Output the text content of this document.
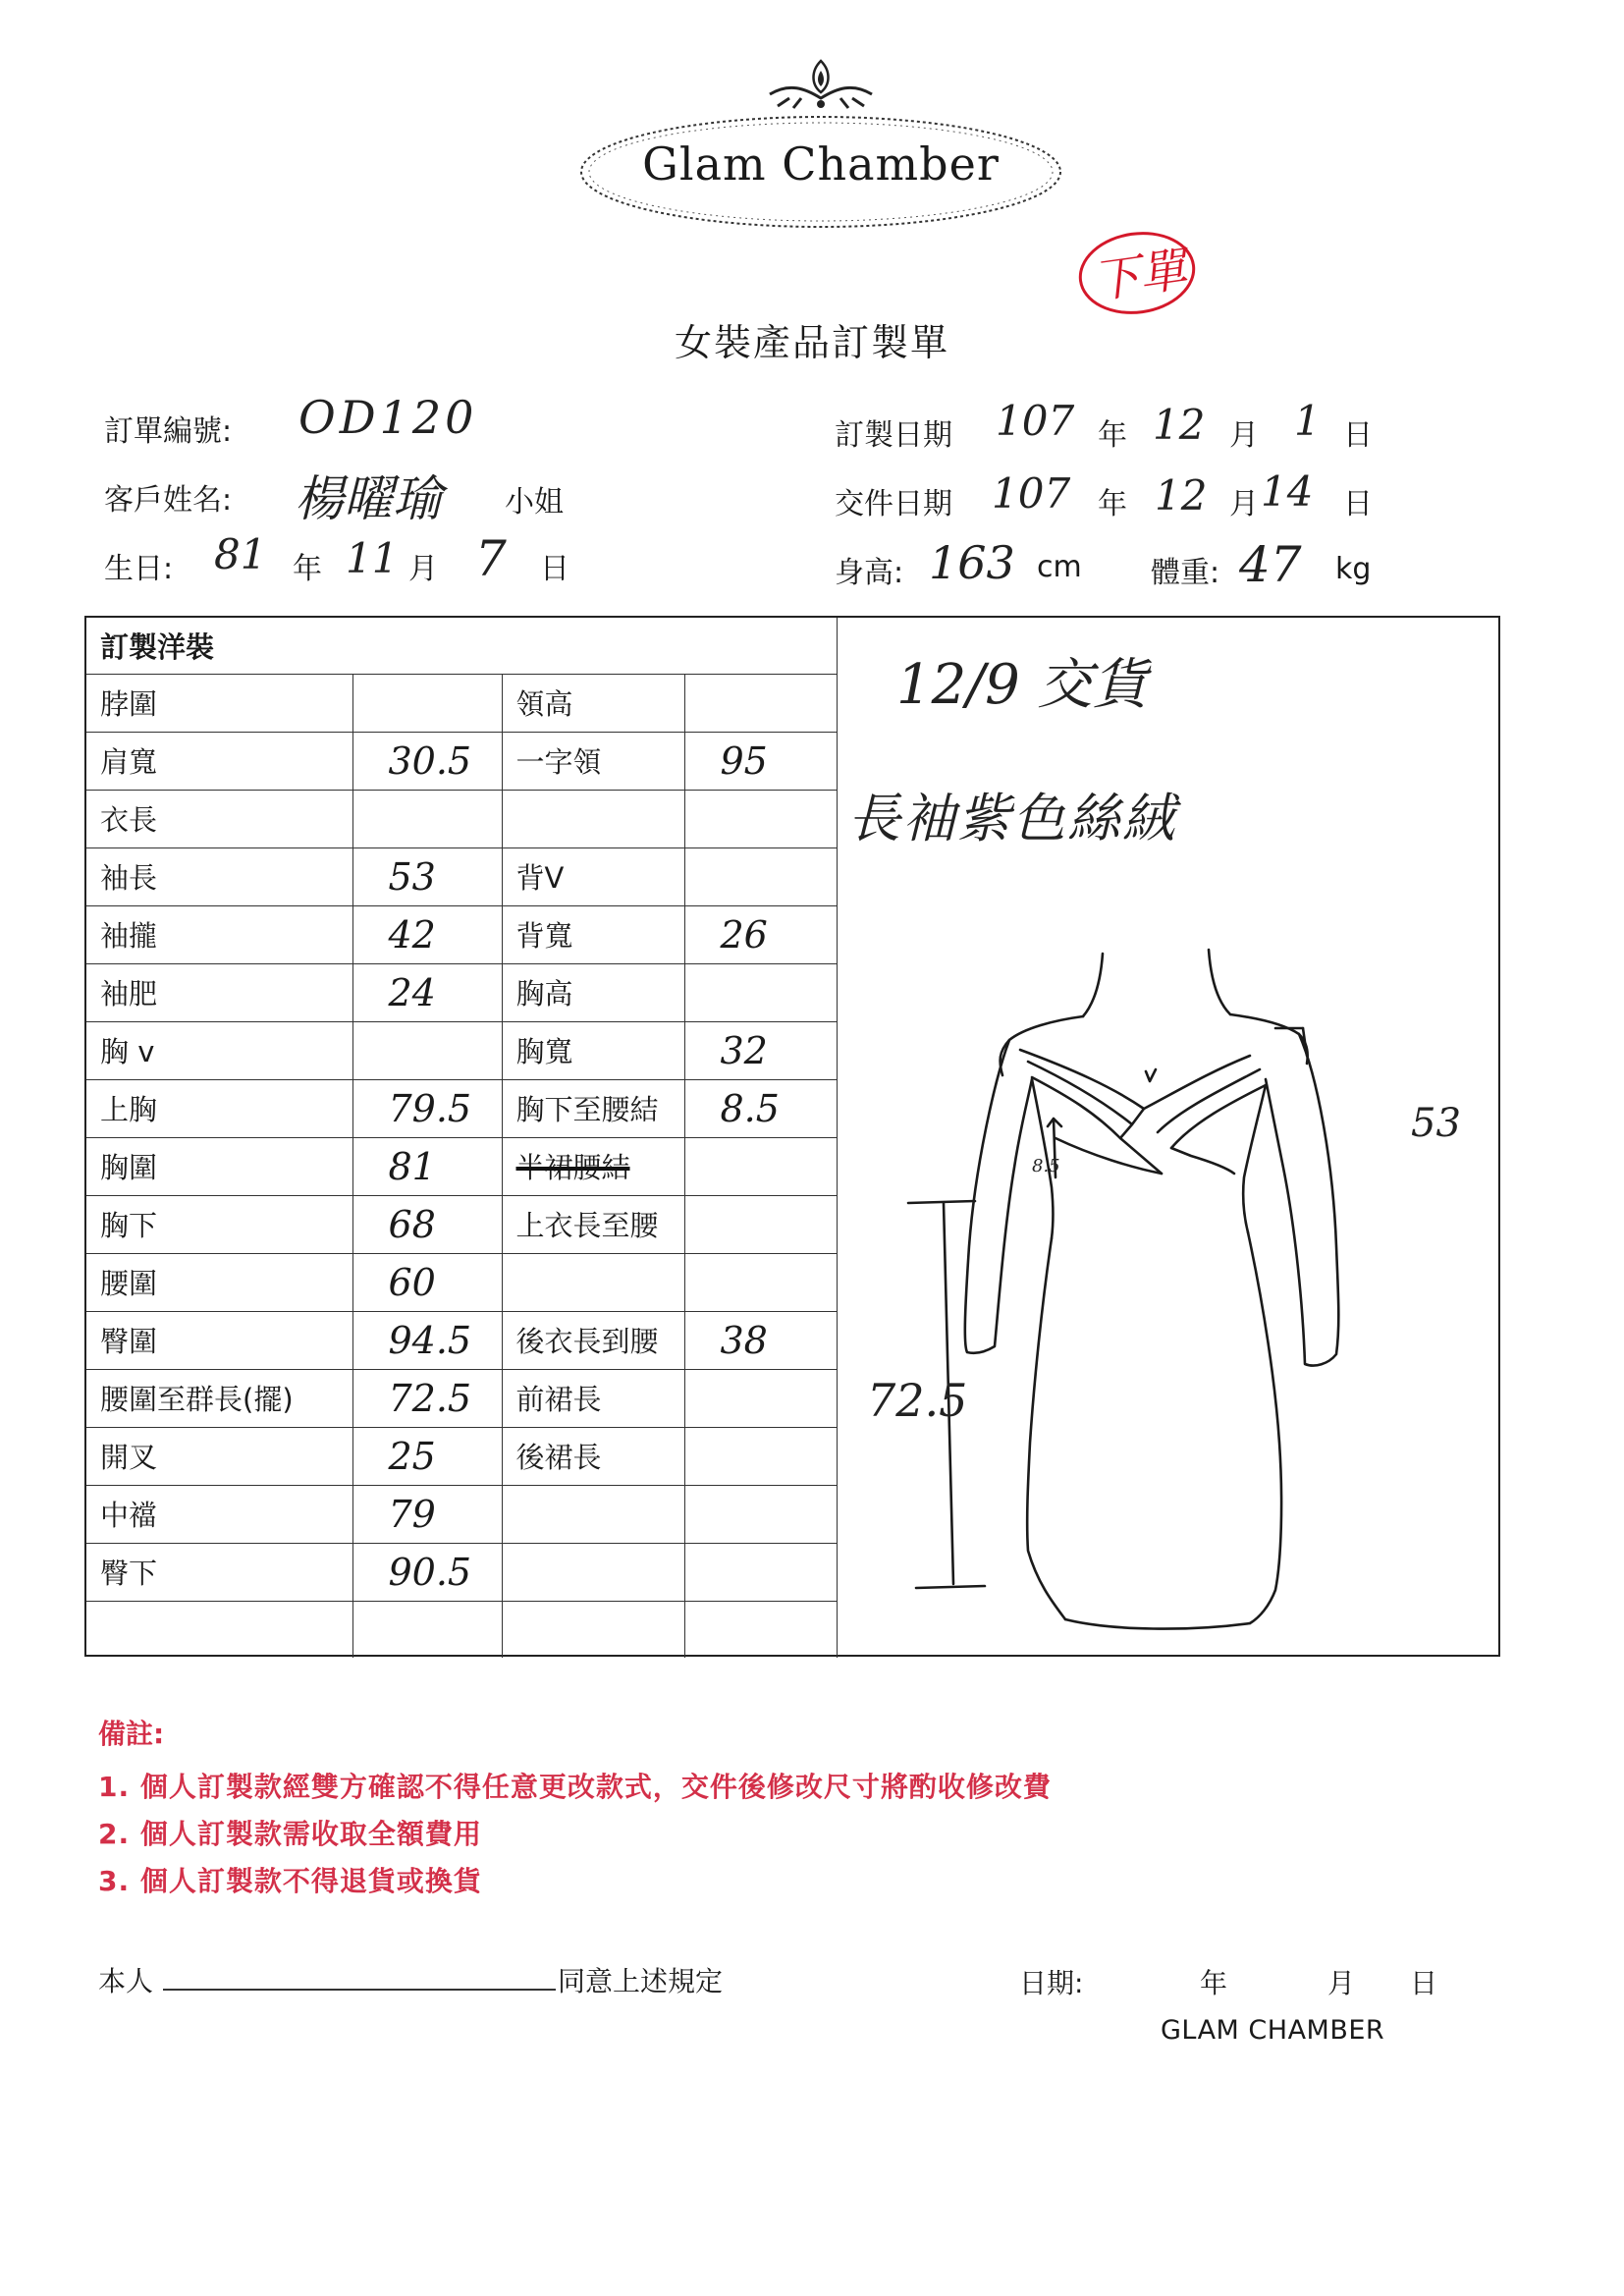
Glam Chamber
下單
女裝產品訂製單
訂單編號: OD120
客戶姓名: 楊曜瑜 小姐
生日: 81 年 11 月 7 日
訂製日期 107 年 12 月 1 日
交件日期 107 年 12 月 14 日
身高: 163 cm 體重: 47 kg
訂製洋裝			
脖圍		領高	
肩寬	30.5	一字領	95
衣長			
袖長	53	背V	
袖攏	42	背寬	26
袖肥	24	胸高	
胸 v		胸寬	32
上胸	79.5	胸下至腰結	8.5
胸圍	81	半裙腰結	
胸下	68	上衣長至腰	
腰圍	60		
臀圍	94.5	後衣長到腰	38
腰圍至群長(擺)	72.5	前裙長	
開叉	25	後裙長	
中襠	79		
臀下	90.5		

12/9 交貨
長袖紫色絲絨
53
72.5
8.5
備註:
1. 個人訂製款經雙方確認不得任意更改款式，交件後修改尺寸將酌收修改費
2. 個人訂製款需收取全額費用
3. 個人訂製款不得退貨或換貨
本人	同意上述規定	日期:	年	月 日
GLAM CHAMBER
